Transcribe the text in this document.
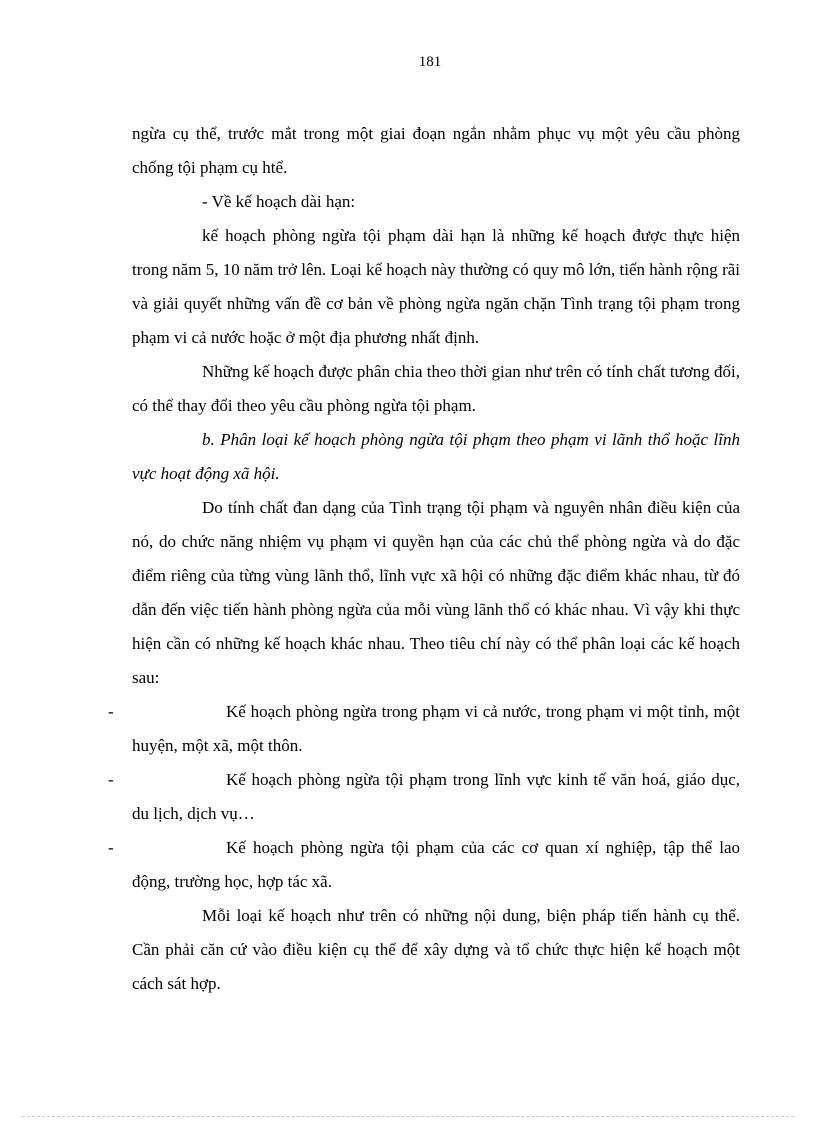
181

ngừa cụ thể, trước mắt trong một giai đoạn ngắn nhằm phục vụ một yêu cầu phòng chống tội phạm cụ htể.

- Về kế hoạch dài hạn:

kế hoạch phòng ngừa tội phạm dài hạn là những kế hoạch được thực hiện trong năm 5, 10 năm trở lên. Loại kế hoạch này thường có quy mô lớn, tiến hành rộng rãi và giải quyết những vấn đề cơ bản về phòng ngừa ngăn chặn Tình trạng tội phạm trong phạm vi cả nước hoặc ở một địa phương nhất định.

Những kế hoạch được phân chia theo thời gian như trên có tính chất tương đối, có thể thay đổi theo yêu cầu phòng ngừa tội phạm.

b. Phân loại kế hoạch phòng ngừa tội phạm theo phạm vi lãnh thổ hoặc lĩnh vực hoạt động xã hội.

Do tính chất đan dạng của Tình trạng tội phạm và nguyên nhân điều kiện của nó, do chức năng nhiệm vụ phạm vi quyền hạn của các chủ thể phòng ngừa và do đặc điểm riêng của từng vùng lãnh thổ, lĩnh vực xã hội có những đặc điểm khác nhau, từ đó dẫn đến việc tiến hành phòng ngừa của mỗi vùng lãnh thổ có khác nhau. Vì vậy khi thực hiện cần có những kế hoạch khác nhau. Theo tiêu chí này có thể phân loại các kế hoạch sau:

-	Kế hoạch phòng ngừa trong phạm vi cả nước, trong phạm vi một tỉnh, một huyện, một xã, một thôn.

-	Kế hoạch phòng ngừa tội phạm trong lĩnh vực kinh tế văn hoá, giáo dục, du lịch, dịch vụ…

-	Kế hoạch phòng ngừa tội phạm của các cơ quan xí nghiệp, tập thể lao động, trường học, hợp tác xã.

Mỗi loại kế hoạch như trên có những nội dung, biện pháp tiến hành cụ thể. Cần phải căn cứ vào điều kiện cụ thể để xây dựng và tổ chức thực hiện kế hoạch một cách sát hợp.
